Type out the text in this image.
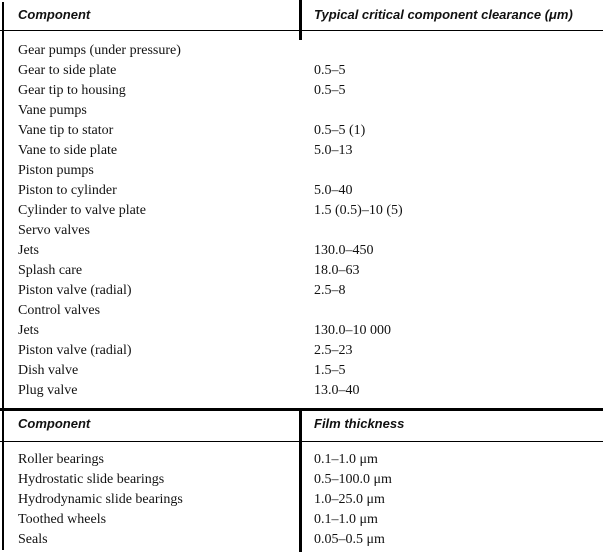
Component	Typical critical component clearance (μm)
Gear pumps (under pressure)
Gear to side plate	0.5–5
Gear tip to housing	0.5–5
Vane pumps
Vane tip to stator	0.5–5 (1)
Vane to side plate	5.0–13
Piston pumps
Piston to cylinder	5.0–40
Cylinder to valve plate	1.5 (0.5)–10 (5)
Servo valves
Jets	130.0–450
Splash care	18.0–63
Piston valve (radial)	2.5–8
Control valves
Jets	130.0–10 000
Piston valve (radial)	2.5–23
Dish valve	1.5–5
Plug valve	13.0–40
Component	Film thickness
Roller bearings	0.1–1.0 μm
Hydrostatic slide bearings	0.5–100.0 μm
Hydrodynamic slide bearings	1.0–25.0 μm
Toothed wheels	0.1–1.0 μm
Seals	0.05–0.5 μm
